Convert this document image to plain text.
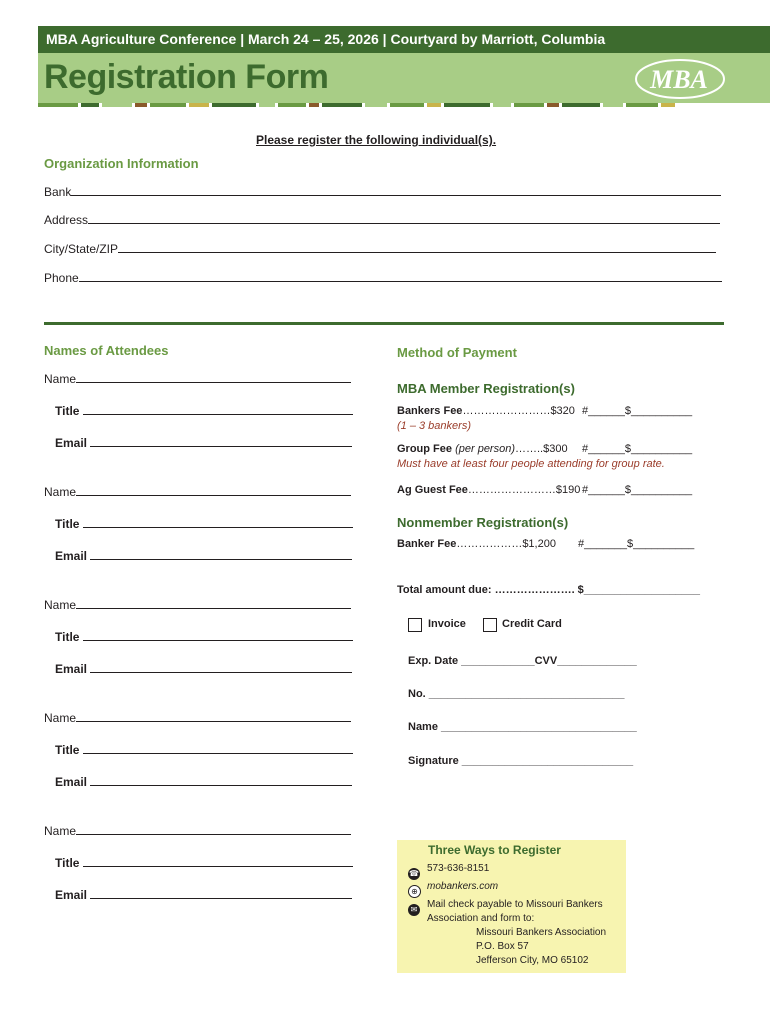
MBA Agriculture Conference | March 24 – 25, 2026 | Courtyard by Marriott, Columbia
Registration Form	MBA
Please register the following individual(s).
Organization Information
Bank
Address
City/State/ZIP
Phone
Names of Attendees
Name
Title
Email
Name
Title
Email
Name
Title
Email
Name
Title
Email
Name
Title
Email
Method of Payment
MBA Member Registration(s)
Bankers Fee……………………$320 #______$__________
(1 – 3 bankers)
Group Fee (per person)……..$300 #______$__________
Must have at least four people attending for group rate.
Ag Guest Fee……………………$190 #______$__________
Nonmember Registration(s)
Banker Fee………………$1,200 #_______$__________
Total amount due: …………………. $___________________
Invoice	Credit Card
Exp. Date ____________CVV_____________
No. ________________________________
Name ________________________________
Signature ____________________________
Three Ways to Register
☎ 573-636-8151
⊕ mobankers.com
✉ Mail check payable to Missouri Bankers
Association and form to:
Missouri Bankers Association
P.O. Box 57
Jefferson City, MO 65102
